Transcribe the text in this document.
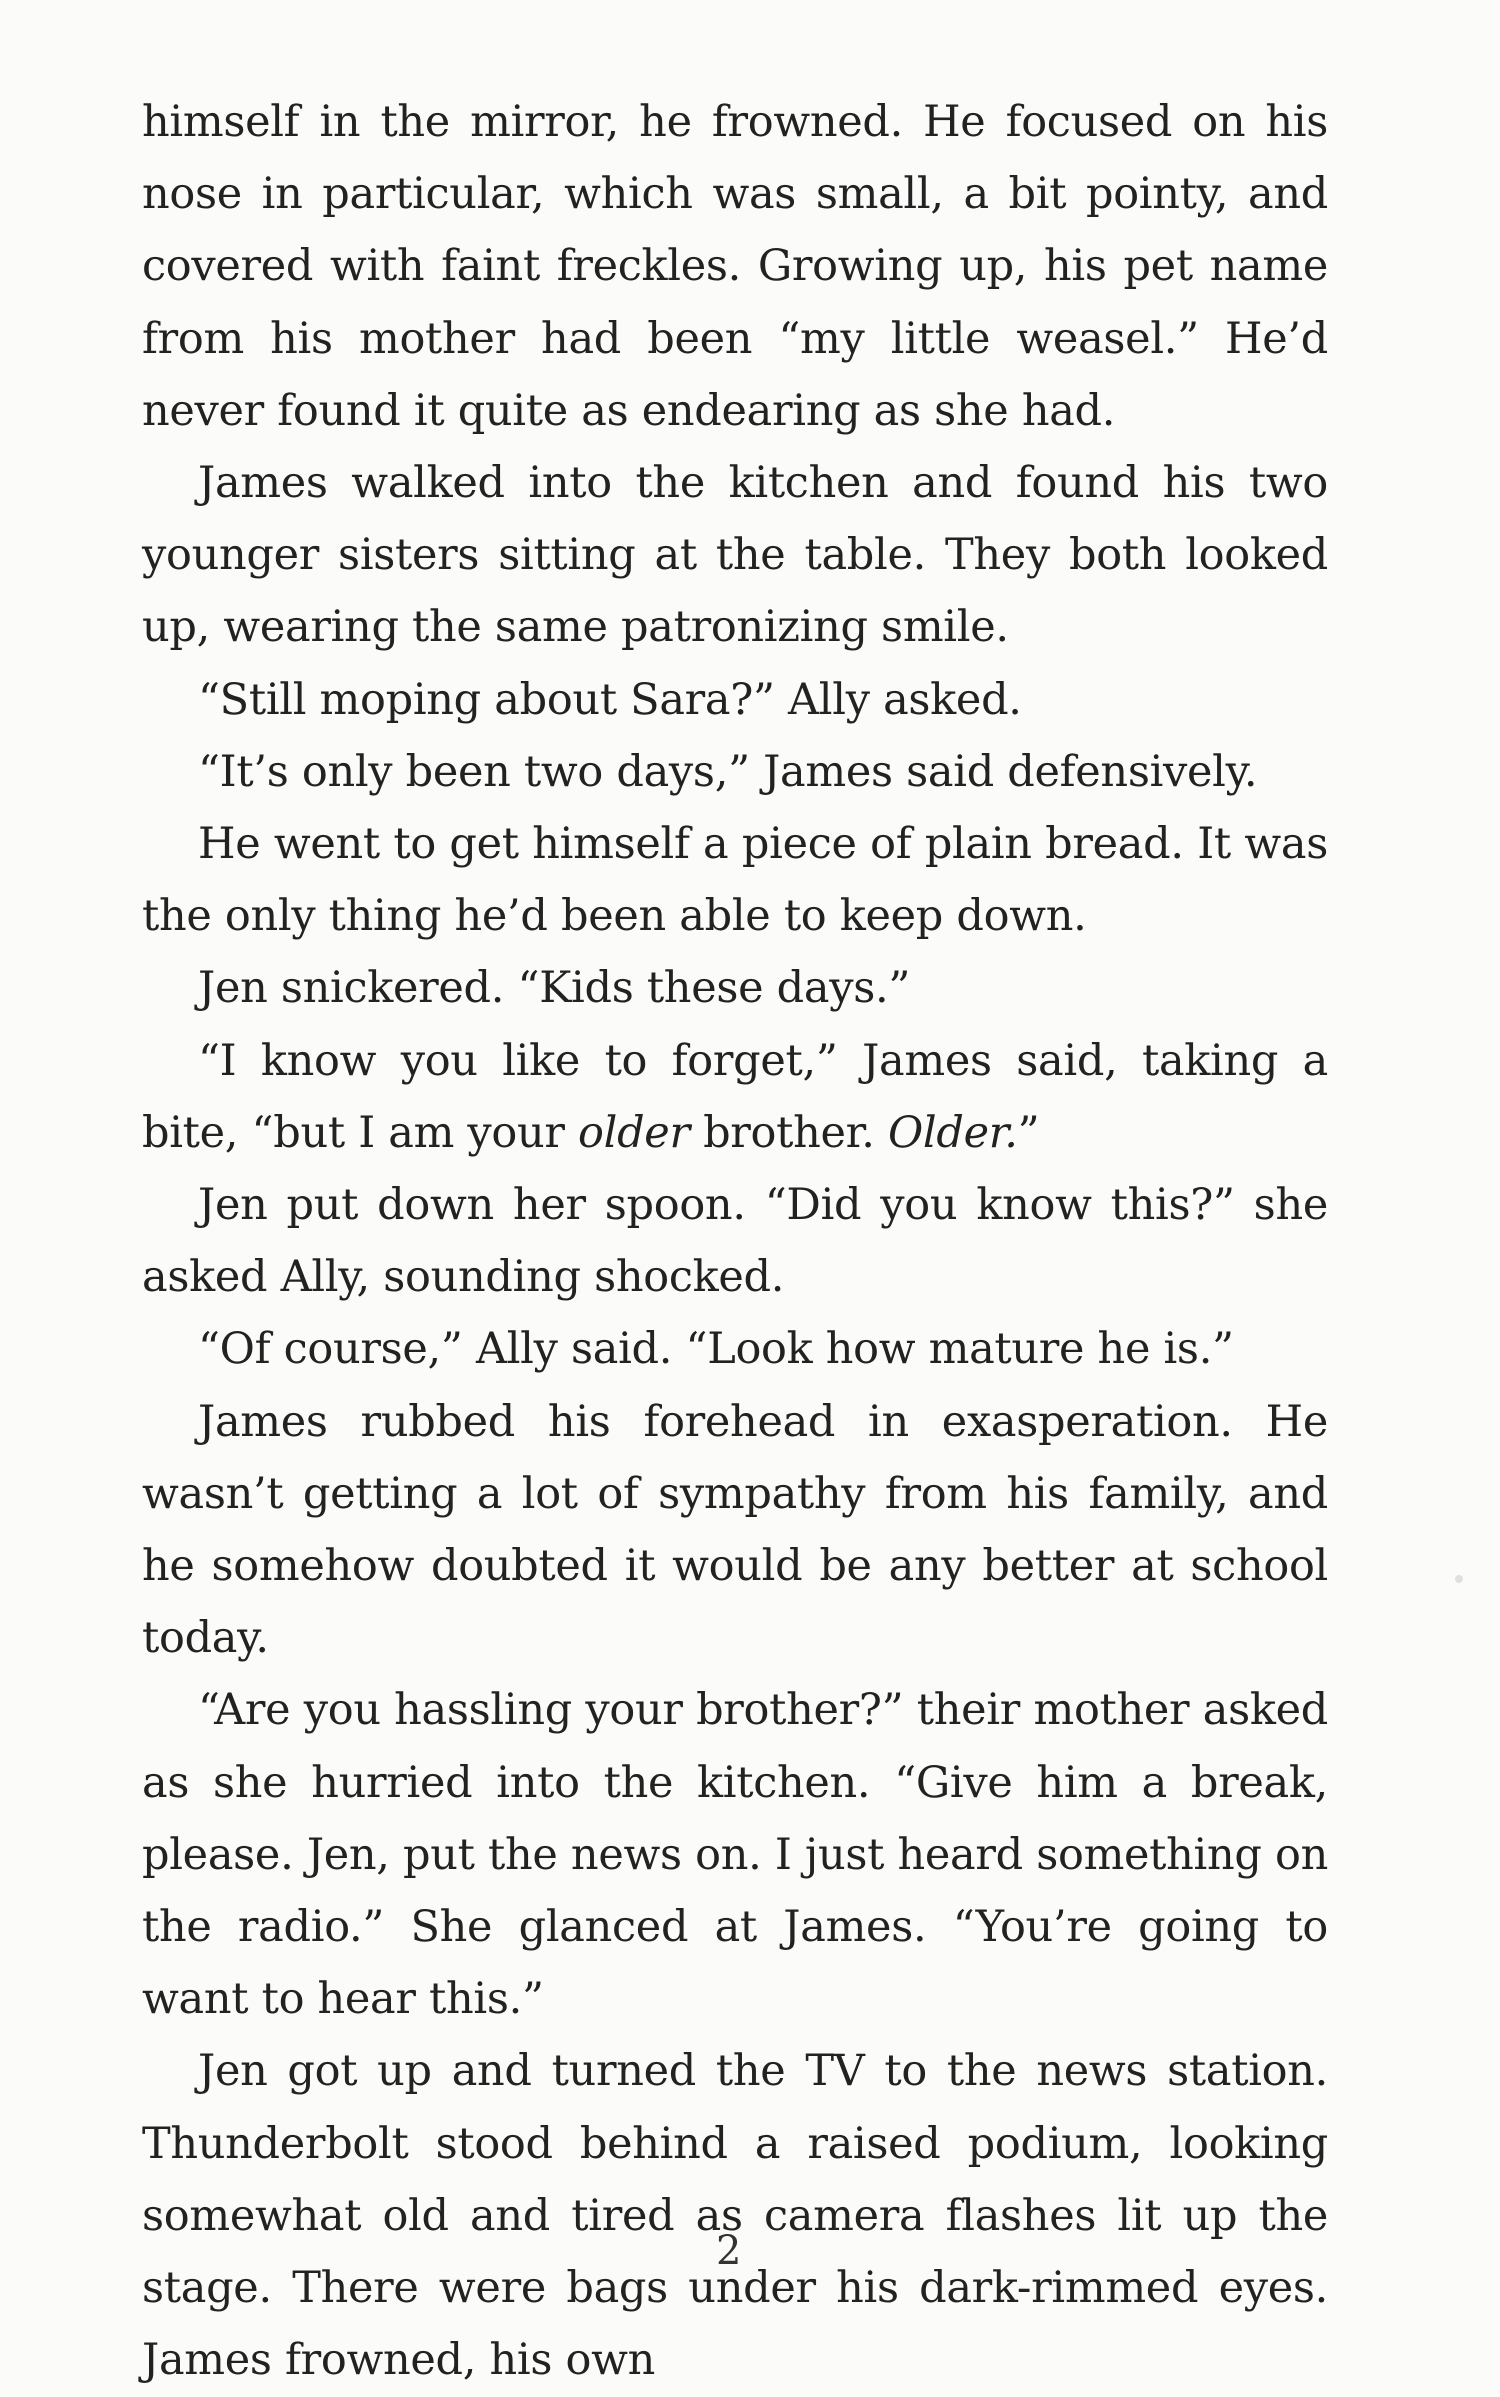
himself in the mirror, he frowned. He focused on his nose in particular, which was small, a bit pointy, and covered with faint freckles. Growing up, his pet name from his mother had been “my little weasel.” He’d never found it quite as endearing as she had.

James walked into the kitchen and found his two younger sisters sitting at the table. They both looked up, wearing the same patronizing smile.

“Still moping about Sara?” Ally asked.

“It’s only been two days,” James said defensively.

He went to get himself a piece of plain bread. It was the only thing he’d been able to keep down.

Jen snickered. “Kids these days.”

“I know you like to forget,” James said, taking a bite, “but I am your older brother. Older.”

Jen put down her spoon. “Did you know this?” she asked Ally, sounding shocked.

“Of course,” Ally said. “Look how mature he is.”

James rubbed his forehead in exasperation. He wasn’t getting a lot of sympathy from his family, and he somehow doubted it would be any better at school today.

“Are you hassling your brother?” their mother asked as she hurried into the kitchen. “Give him a break, please. Jen, put the news on. I just heard something on the radio.” She glanced at James. “You’re going to want to hear this.”

Jen got up and turned the TV to the news station. Thunderbolt stood behind a raised podium, looking somewhat old and tired as camera flashes lit up the stage. There were bags under his dark-rimmed eyes. James frowned, his own

2
